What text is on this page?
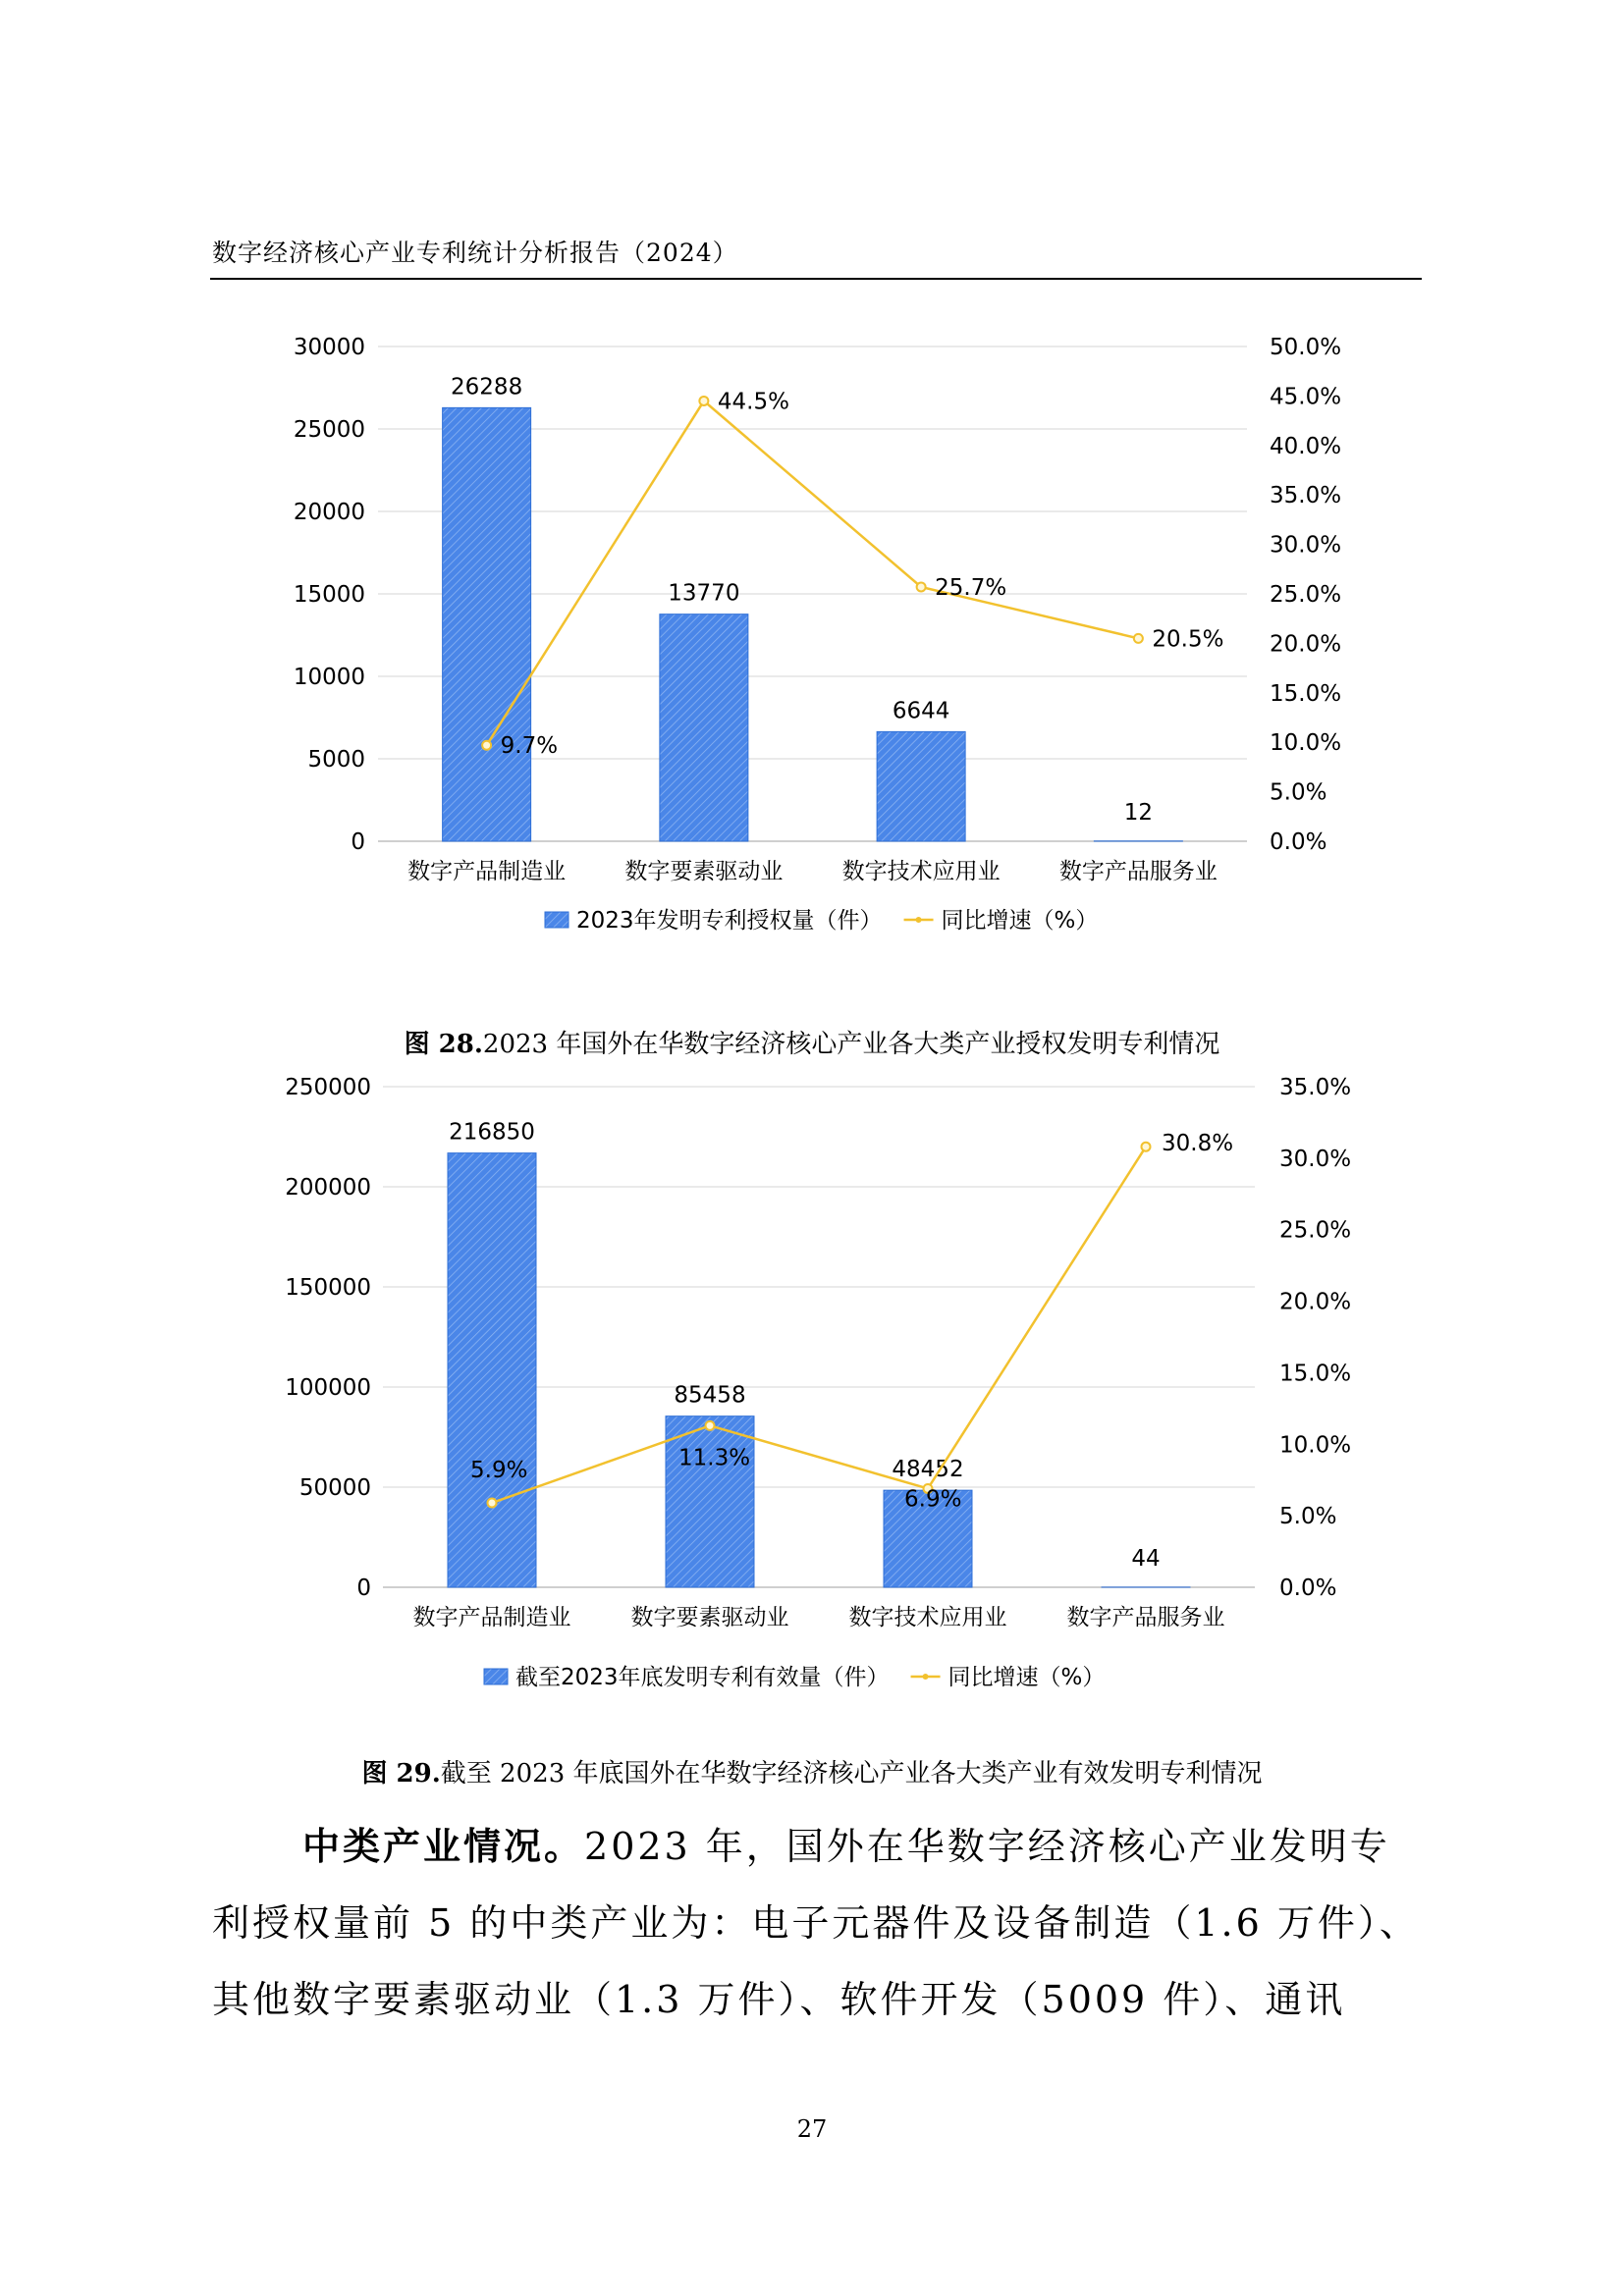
数字经济核心产业专利统计分析报告（2024）
0
5000
10000
15000
20000
25000
30000
0.0%
5.0%
10.0%
15.0%
20.0%
25.0%
30.0%
35.0%
40.0%
45.0%
50.0%
26288
13770
6644
12
9.7%
44.5%
25.7%
20.5%
数字产品制造业	数字要素驱动业	数字技术应用业	数字产品服务业
2023年发明专利授权量（件）	同比增速（%）
图 28.2023 年国外在华数字经济核心产业各大类产业授权发明专利情况
0
50000
100000
150000
200000
250000
0.0%
5.0%
10.0%
15.0%
20.0%
25.0%
30.0%
35.0%
216850
85458
48452
44
5.9%	11.3%
6.9%
30.8%
数字产品制造业	数字要素驱动业	数字技术应用业	数字产品服务业
截至2023年底发明专利有效量（件）	同比增速（%）
图 29.截至 2023 年底国外在华数字经济核心产业各大类产业有效发明专利情况
中类产业情况。2023 年，国外在华数字经济核心产业发明专
利授权量前 5 的中类产业为：电子元器件及设备制造（1.6 万件）、
其他数字要素驱动业（1.3 万件）、软件开发（5009 件）、通讯
27
